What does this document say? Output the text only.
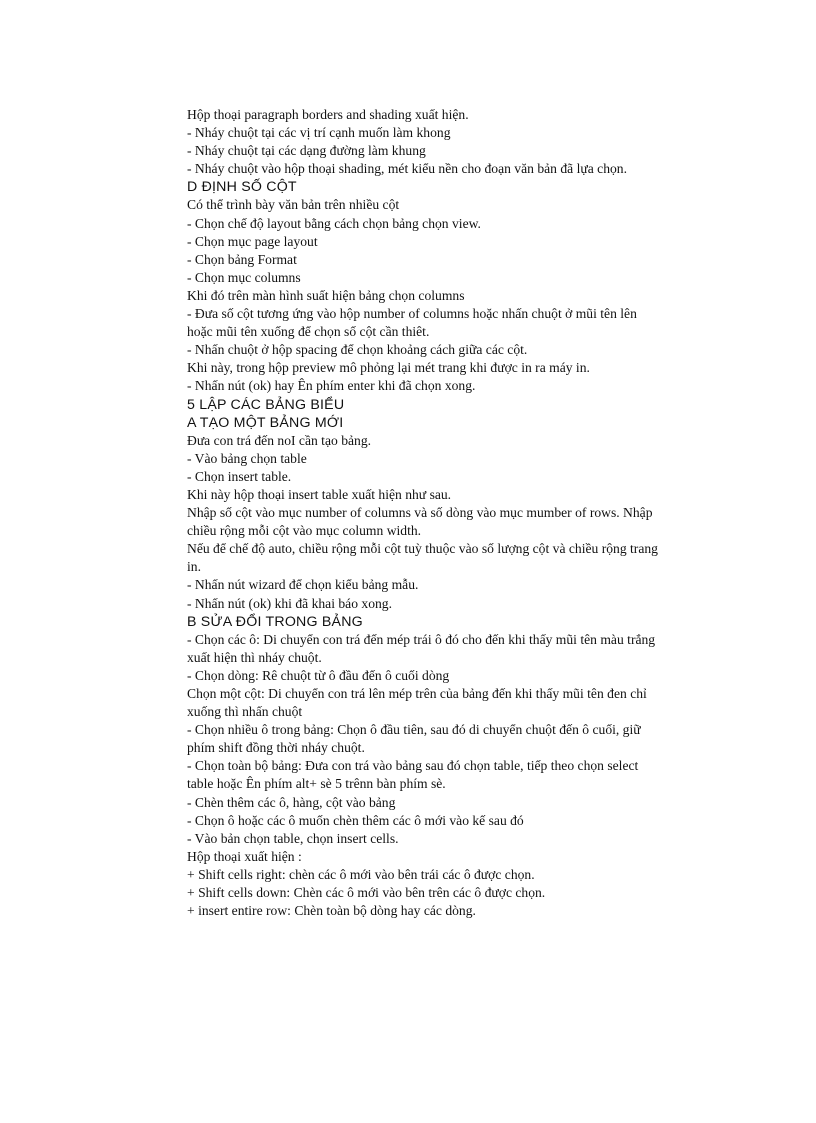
Hộp thoại paragraph borders and shading xuất hiện.

- Nháy chuột tại các vị trí cạnh muốn làm khong

- Nháy chuột tại các dạng đường làm khung

- Nháy chuột vào hộp thoại shading, mét kiểu nền cho đoạn văn bản đã lựa chọn.

D ĐỊNH SỐ CỘT

Có thể trình bày văn bản trên nhiều cột

- Chọn chế độ layout bằng cách chọn bảng chọn view.

- Chọn mục page layout

- Chọn bảng Format

- Chọn mục columns

Khi đó trên màn hình suất hiện bảng chọn columns

- Đưa số cột tương ứng vào hộp number of columns hoặc nhấn chuột ở mũi tên lên hoặc mũi tên xuống để chọn số cột cần thiêt.

- Nhấn chuột ở hộp spacing để chọn khoảng cách giữa các cột.

Khi này, trong hộp preview mô phỏng lại mét trang khi được in ra máy in.

- Nhấn nút (ok) hay Ên phím enter khi đã chọn xong.

5 LẬP CÁC BẢNG BIỂU

A TẠO MỘT BẢNG MỚI

Đưa con trá đến noI cần tạo bảng.

- Vào bảng chọn table

- Chọn insert table.

Khi này hộp thoại insert table xuất hiện như sau.

Nhập số cột vào mục number of columns và số dòng vào mục mumber of rows. Nhập chiều rộng mỗi cột vào mục column width.

Nếu để chế độ auto, chiều rộng mỗi cột tuỳ thuộc vào số lượng cột và chiều rộng trang in.

- Nhấn nút wizard để chọn kiểu bảng mẫu.

- Nhấn nút (ok) khi đã khai báo xong.

B SỬA ĐỔI TRONG BẢNG

- Chọn các ô: Di chuyển con trá đến mép trái ô đó cho đến khi thấy mũi tên màu trắng xuất hiện thì nháy chuột.

- Chọn dòng: Rê chuột từ ô đầu đến ô cuối dòng

Chọn một cột: Di chuyển con trá lên mép trên của bảng đến khi thấy mũi tên đen chỉ xuống thì nhấn chuột

- Chọn nhiều ô trong bảng: Chọn ô đầu tiên, sau đó di chuyển chuột đến ô cuối, giữ phím shift đồng thời nháy chuột.

- Chọn toàn bộ bảng: Đưa con trá vào bảng sau đó chọn table, tiếp theo chọn select table hoặc Ên phím alt+ sè 5 trênn bàn phím sè.

- Chèn thêm các ô, hàng, cột vào bảng

- Chọn ô hoặc các ô muốn chèn thêm các ô mới vào kế sau đó

- Vào bản chọn table, chọn insert cells.

Hộp thoại xuất hiện :

+ Shift cells right: chèn các ô mới vào bên trái các ô được chọn.

+ Shift cells down: Chèn các ô mới vào bên trên các ô được chọn.

+ insert entire row: Chèn toàn bộ dòng hay các dòng.
